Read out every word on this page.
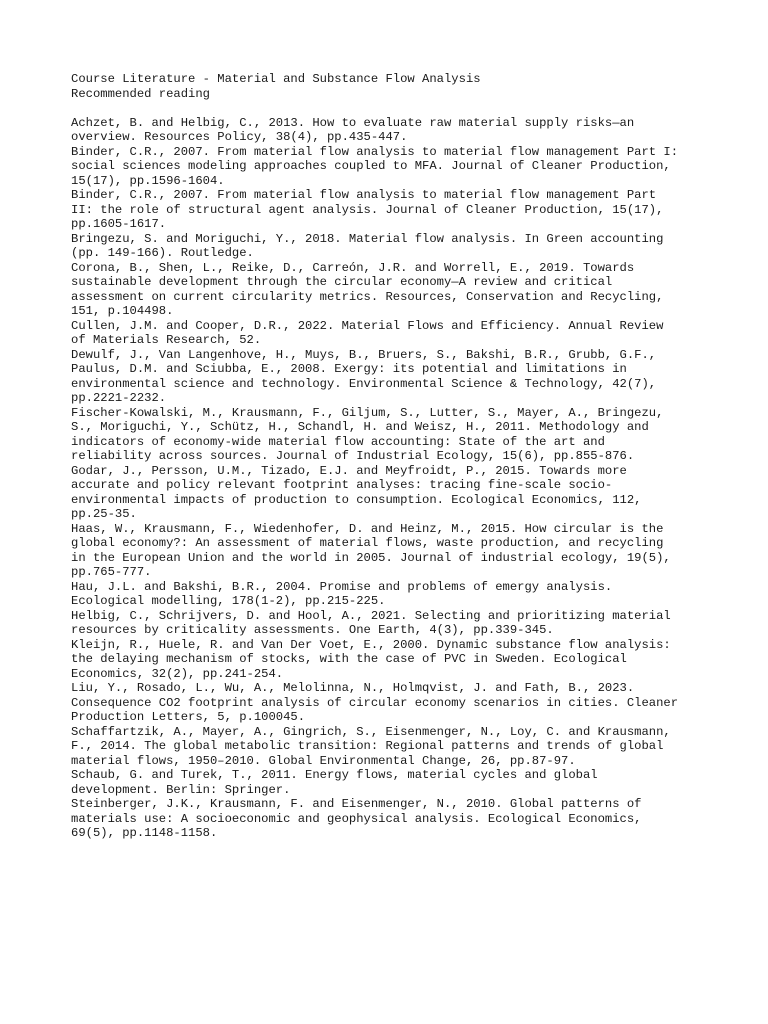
Course Literature - Material and Substance Flow Analysis
Recommended reading
Achzet, B. and Helbig, C., 2013. How to evaluate raw material supply risks—an
overview. Resources Policy, 38(4), pp.435-447.
Binder, C.R., 2007. From material flow analysis to material flow management Part I:
social sciences modeling approaches coupled to MFA. Journal of Cleaner Production,
15(17), pp.1596-1604.
Binder, C.R., 2007. From material flow analysis to material flow management Part
II: the role of structural agent analysis. Journal of Cleaner Production, 15(17),
pp.1605-1617.
Bringezu, S. and Moriguchi, Y., 2018. Material flow analysis. In Green accounting
(pp. 149-166). Routledge.
Corona, B., Shen, L., Reike, D., Carreón, J.R. and Worrell, E., 2019. Towards
sustainable development through the circular economy—A review and critical
assessment on current circularity metrics. Resources, Conservation and Recycling,
151, p.104498.
Cullen, J.M. and Cooper, D.R., 2022. Material Flows and Efficiency. Annual Review
of Materials Research, 52.
Dewulf, J., Van Langenhove, H., Muys, B., Bruers, S., Bakshi, B.R., Grubb, G.F.,
Paulus, D.M. and Sciubba, E., 2008. Exergy: its potential and limitations in
environmental science and technology. Environmental Science & Technology, 42(7),
pp.2221-2232.
Fischer-Kowalski, M., Krausmann, F., Giljum, S., Lutter, S., Mayer, A., Bringezu,
S., Moriguchi, Y., Schütz, H., Schandl, H. and Weisz, H., 2011. Methodology and
indicators of economy-wide material flow accounting: State of the art and
reliability across sources. Journal of Industrial Ecology, 15(6), pp.855-876.
Godar, J., Persson, U.M., Tizado, E.J. and Meyfroidt, P., 2015. Towards more
accurate and policy relevant footprint analyses: tracing fine-scale socio-
environmental impacts of production to consumption. Ecological Economics, 112,
pp.25-35.
Haas, W., Krausmann, F., Wiedenhofer, D. and Heinz, M., 2015. How circular is the
global economy?: An assessment of material flows, waste production, and recycling
in the European Union and the world in 2005. Journal of industrial ecology, 19(5),
pp.765-777.
Hau, J.L. and Bakshi, B.R., 2004. Promise and problems of emergy analysis.
Ecological modelling, 178(1-2), pp.215-225.
Helbig, C., Schrijvers, D. and Hool, A., 2021. Selecting and prioritizing material
resources by criticality assessments. One Earth, 4(3), pp.339-345.
Kleijn, R., Huele, R. and Van Der Voet, E., 2000. Dynamic substance flow analysis:
the delaying mechanism of stocks, with the case of PVC in Sweden. Ecological
Economics, 32(2), pp.241-254.
Liu, Y., Rosado, L., Wu, A., Melolinna, N., Holmqvist, J. and Fath, B., 2023.
Consequence CO2 footprint analysis of circular economy scenarios in cities. Cleaner
Production Letters, 5, p.100045.
Schaffartzik, A., Mayer, A., Gingrich, S., Eisenmenger, N., Loy, C. and Krausmann,
F., 2014. The global metabolic transition: Regional patterns and trends of global
material flows, 1950–2010. Global Environmental Change, 26, pp.87-97.
Schaub, G. and Turek, T., 2011. Energy flows, material cycles and global
development. Berlin: Springer.
Steinberger, J.K., Krausmann, F. and Eisenmenger, N., 2010. Global patterns of
materials use: A socioeconomic and geophysical analysis. Ecological Economics,
69(5), pp.1148-1158.
